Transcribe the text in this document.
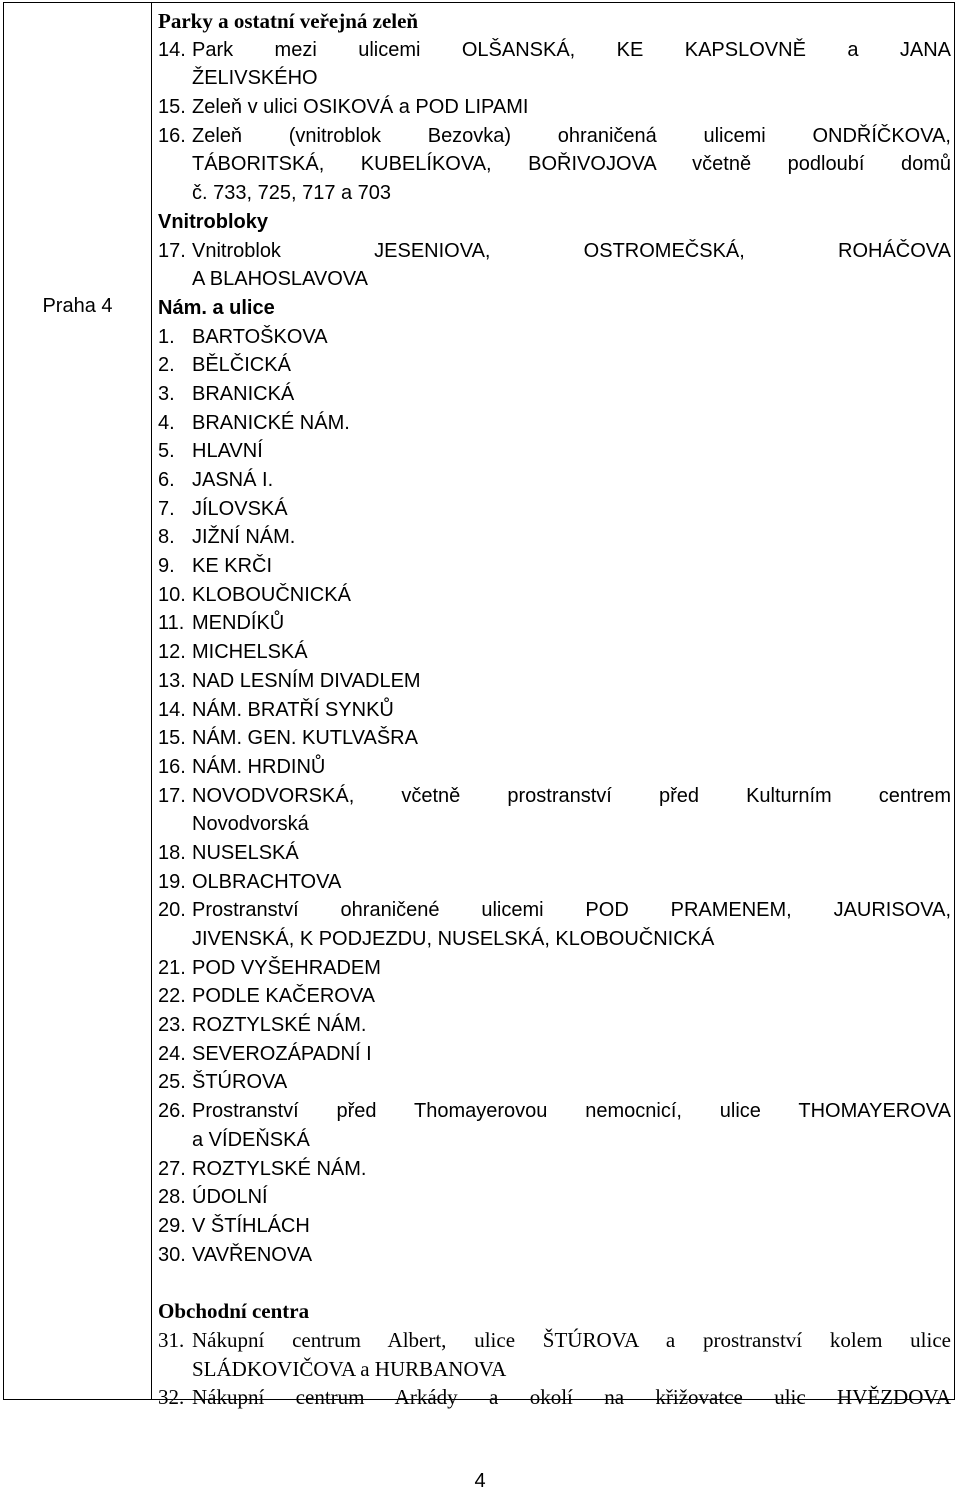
Praha 4
Parky a ostatní veřejná zeleň
14. Park mezi ulicemi OLŠANSKÁ, KE KAPSLOVNĚ a JANA
ŽELIVSKÉHO
15. Zeleň v ulici OSIKOVÁ a POD LIPAMI
16. Zeleň (vnitroblok Bezovka) ohraničená ulicemi ONDŘÍČKOVA,
TÁBORITSKÁ, KUBELÍKOVA, BOŘIVOJOVA včetně podloubí domů
č. 733, 725, 717 a 703
Vnitrobloky
17. Vnitroblok JESENIOVA, OSTROMEČSKÁ, ROHÁČOVA
A BLAHOSLAVOVA
Nám. a ulice
1. BARTOŠKOVA
2. BĚLČICKÁ
3. BRANICKÁ
4. BRANICKÉ NÁM.
5. HLAVNÍ
6. JASNÁ I.
7. JÍLOVSKÁ
8. JIŽNÍ NÁM.
9. KE KRČI
10. KLOBOUČNICKÁ
11. MENDÍKŮ
12. MICHELSKÁ
13. NAD LESNÍM DIVADLEM
14. NÁM. BRATŘÍ SYNKŮ
15. NÁM. GEN. KUTLVAŠRA
16. NÁM. HRDINŮ
17. NOVODVORSKÁ, včetně prostranství před Kulturním centrem
Novodvorská
18. NUSELSKÁ
19. OLBRACHTOVA
20. Prostranství ohraničené ulicemi POD PRAMENEM, JAURISOVA,
JIVENSKÁ, K PODJEZDU, NUSELSKÁ, KLOBOUČNICKÁ
21. POD VYŠEHRADEM
22. PODLE KAČEROVA
23. ROZTYLSKÉ NÁM.
24. SEVEROZÁPADNÍ I
25. ŠTÚROVA
26. Prostranství před Thomayerovou nemocnicí, ulice THOMAYEROVA
a VÍDEŇSKÁ
27. ROZTYLSKÉ NÁM.
28. ÚDOLNÍ
29. V ŠTÍHLÁCH
30. VAVŘENOVA
Obchodní centra
31. Nákupní centrum Albert, ulice ŠTÚROVA a prostranství kolem ulice
SLÁDKOVIČOVA a HURBANOVA
32. Nákupní centrum Arkády a okolí na křižovatce ulic HVĚZDOVA
4
